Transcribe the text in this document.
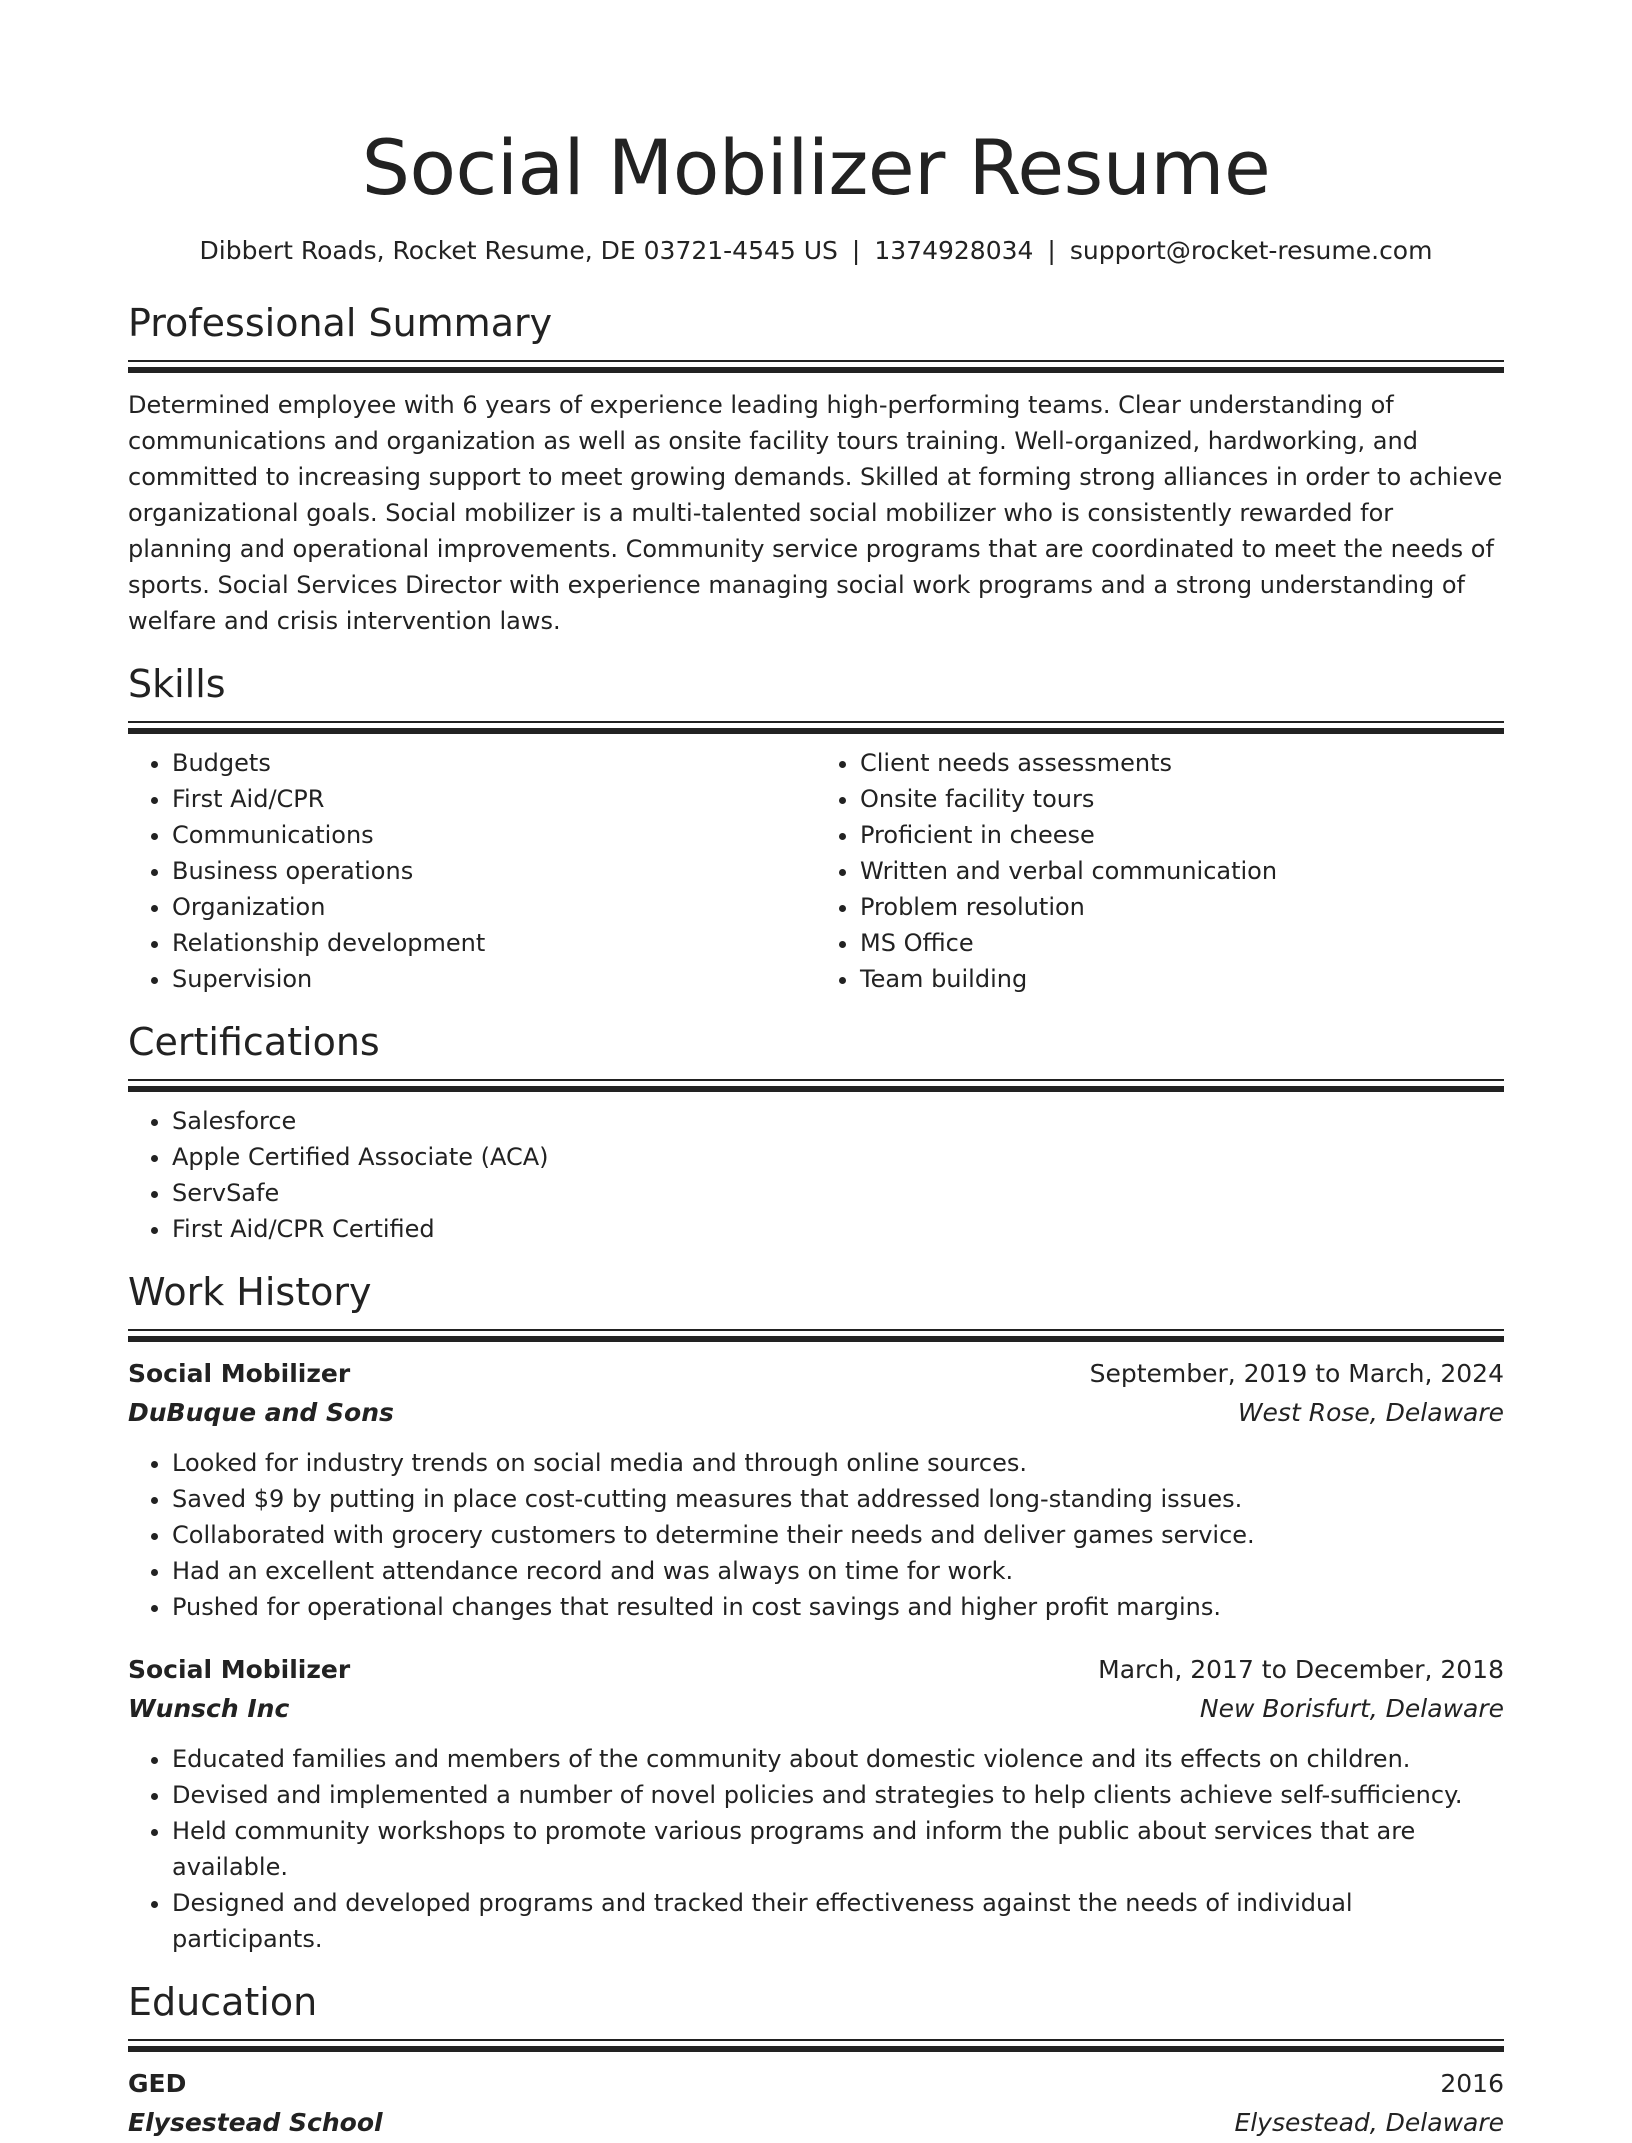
Social Mobilizer Resume
Dibbert Roads, Rocket Resume, DE 03721-4545 US | 1374928034 | support@rocket-resume.com
Professional Summary

Determined employee with 6 years of experience leading high-performing teams. Clear understanding of communications and organization as well as onsite facility tours training. Well-organized, hardworking, and committed to increasing support to meet growing demands. Skilled at forming strong alliances in order to achieve organizational goals. Social mobilizer is a multi-talented social mobilizer who is consistently rewarded for planning and operational improvements. Community service programs that are coordinated to meet the needs of sports. Social Services Director with experience managing social work programs and a strong understanding of welfare and crisis intervention laws.

Skills
• Budgets
• First Aid/CPR
• Communications
• Business operations
• Organization
• Relationship development
• Supervision
• Client needs assessments
• Onsite facility tours
• Proficient in cheese
• Written and verbal communication
• Problem resolution
• MS Office
• Team building
Certifications
• Salesforce
• Apple Certified Associate (ACA)
• ServSafe
• First Aid/CPR Certified
Work History
Social Mobilizer	September, 2019 to March, 2024
DuBuque and Sons	West Rose, Delaware
• Looked for industry trends on social media and through online sources.
• Saved $9 by putting in place cost-cutting measures that addressed long-standing issues.
• Collaborated with grocery customers to determine their needs and deliver games service.
• Had an excellent attendance record and was always on time for work.
• Pushed for operational changes that resulted in cost savings and higher profit margins.
Social Mobilizer	March, 2017 to December, 2018
Wunsch Inc	New Borisfurt, Delaware
• Educated families and members of the community about domestic violence and its effects on children.
• Devised and implemented a number of novel policies and strategies to help clients achieve self-sufficiency.
• Held community workshops to promote various programs and inform the public about services that are available.
• Designed and developed programs and tracked their effectiveness against the needs of individual participants.
Education
GED	2016
Elysestead School	Elysestead, Delaware
